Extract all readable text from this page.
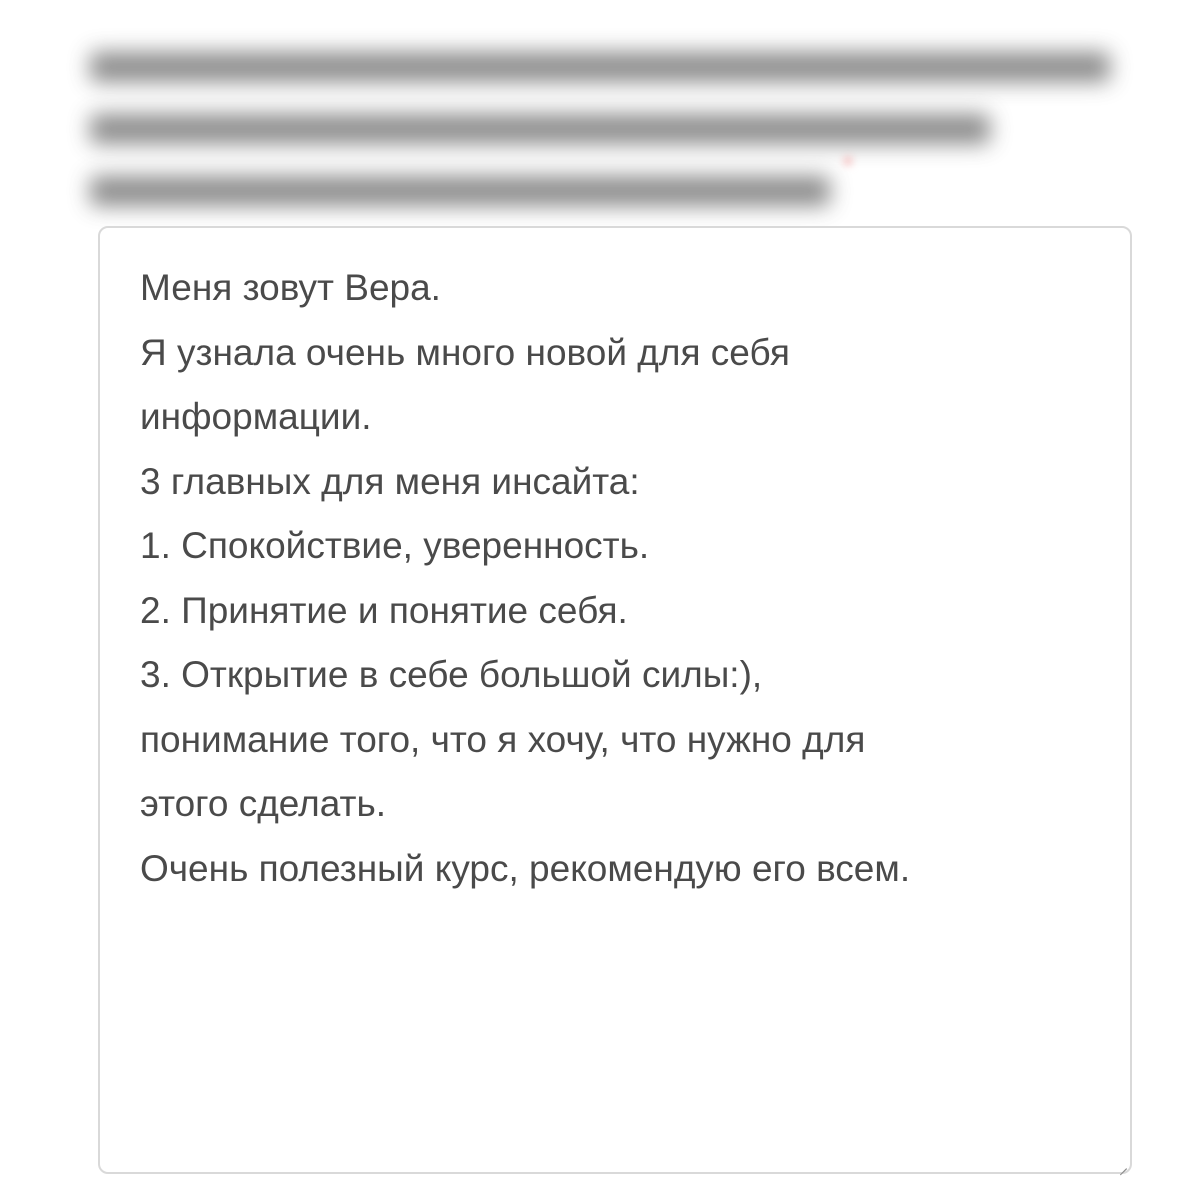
*
Меня зовут Вера.
Я узнала очень много новой для себя
информации.
3 главных для меня инсайта:
1. Спокойствие, уверенность.
2. Принятие и понятие себя.
3. Открытие в себе большой силы:),
понимание того, что я хочу, что нужно для
этого сделать.
Очень полезный курс, рекомендую его всем.
